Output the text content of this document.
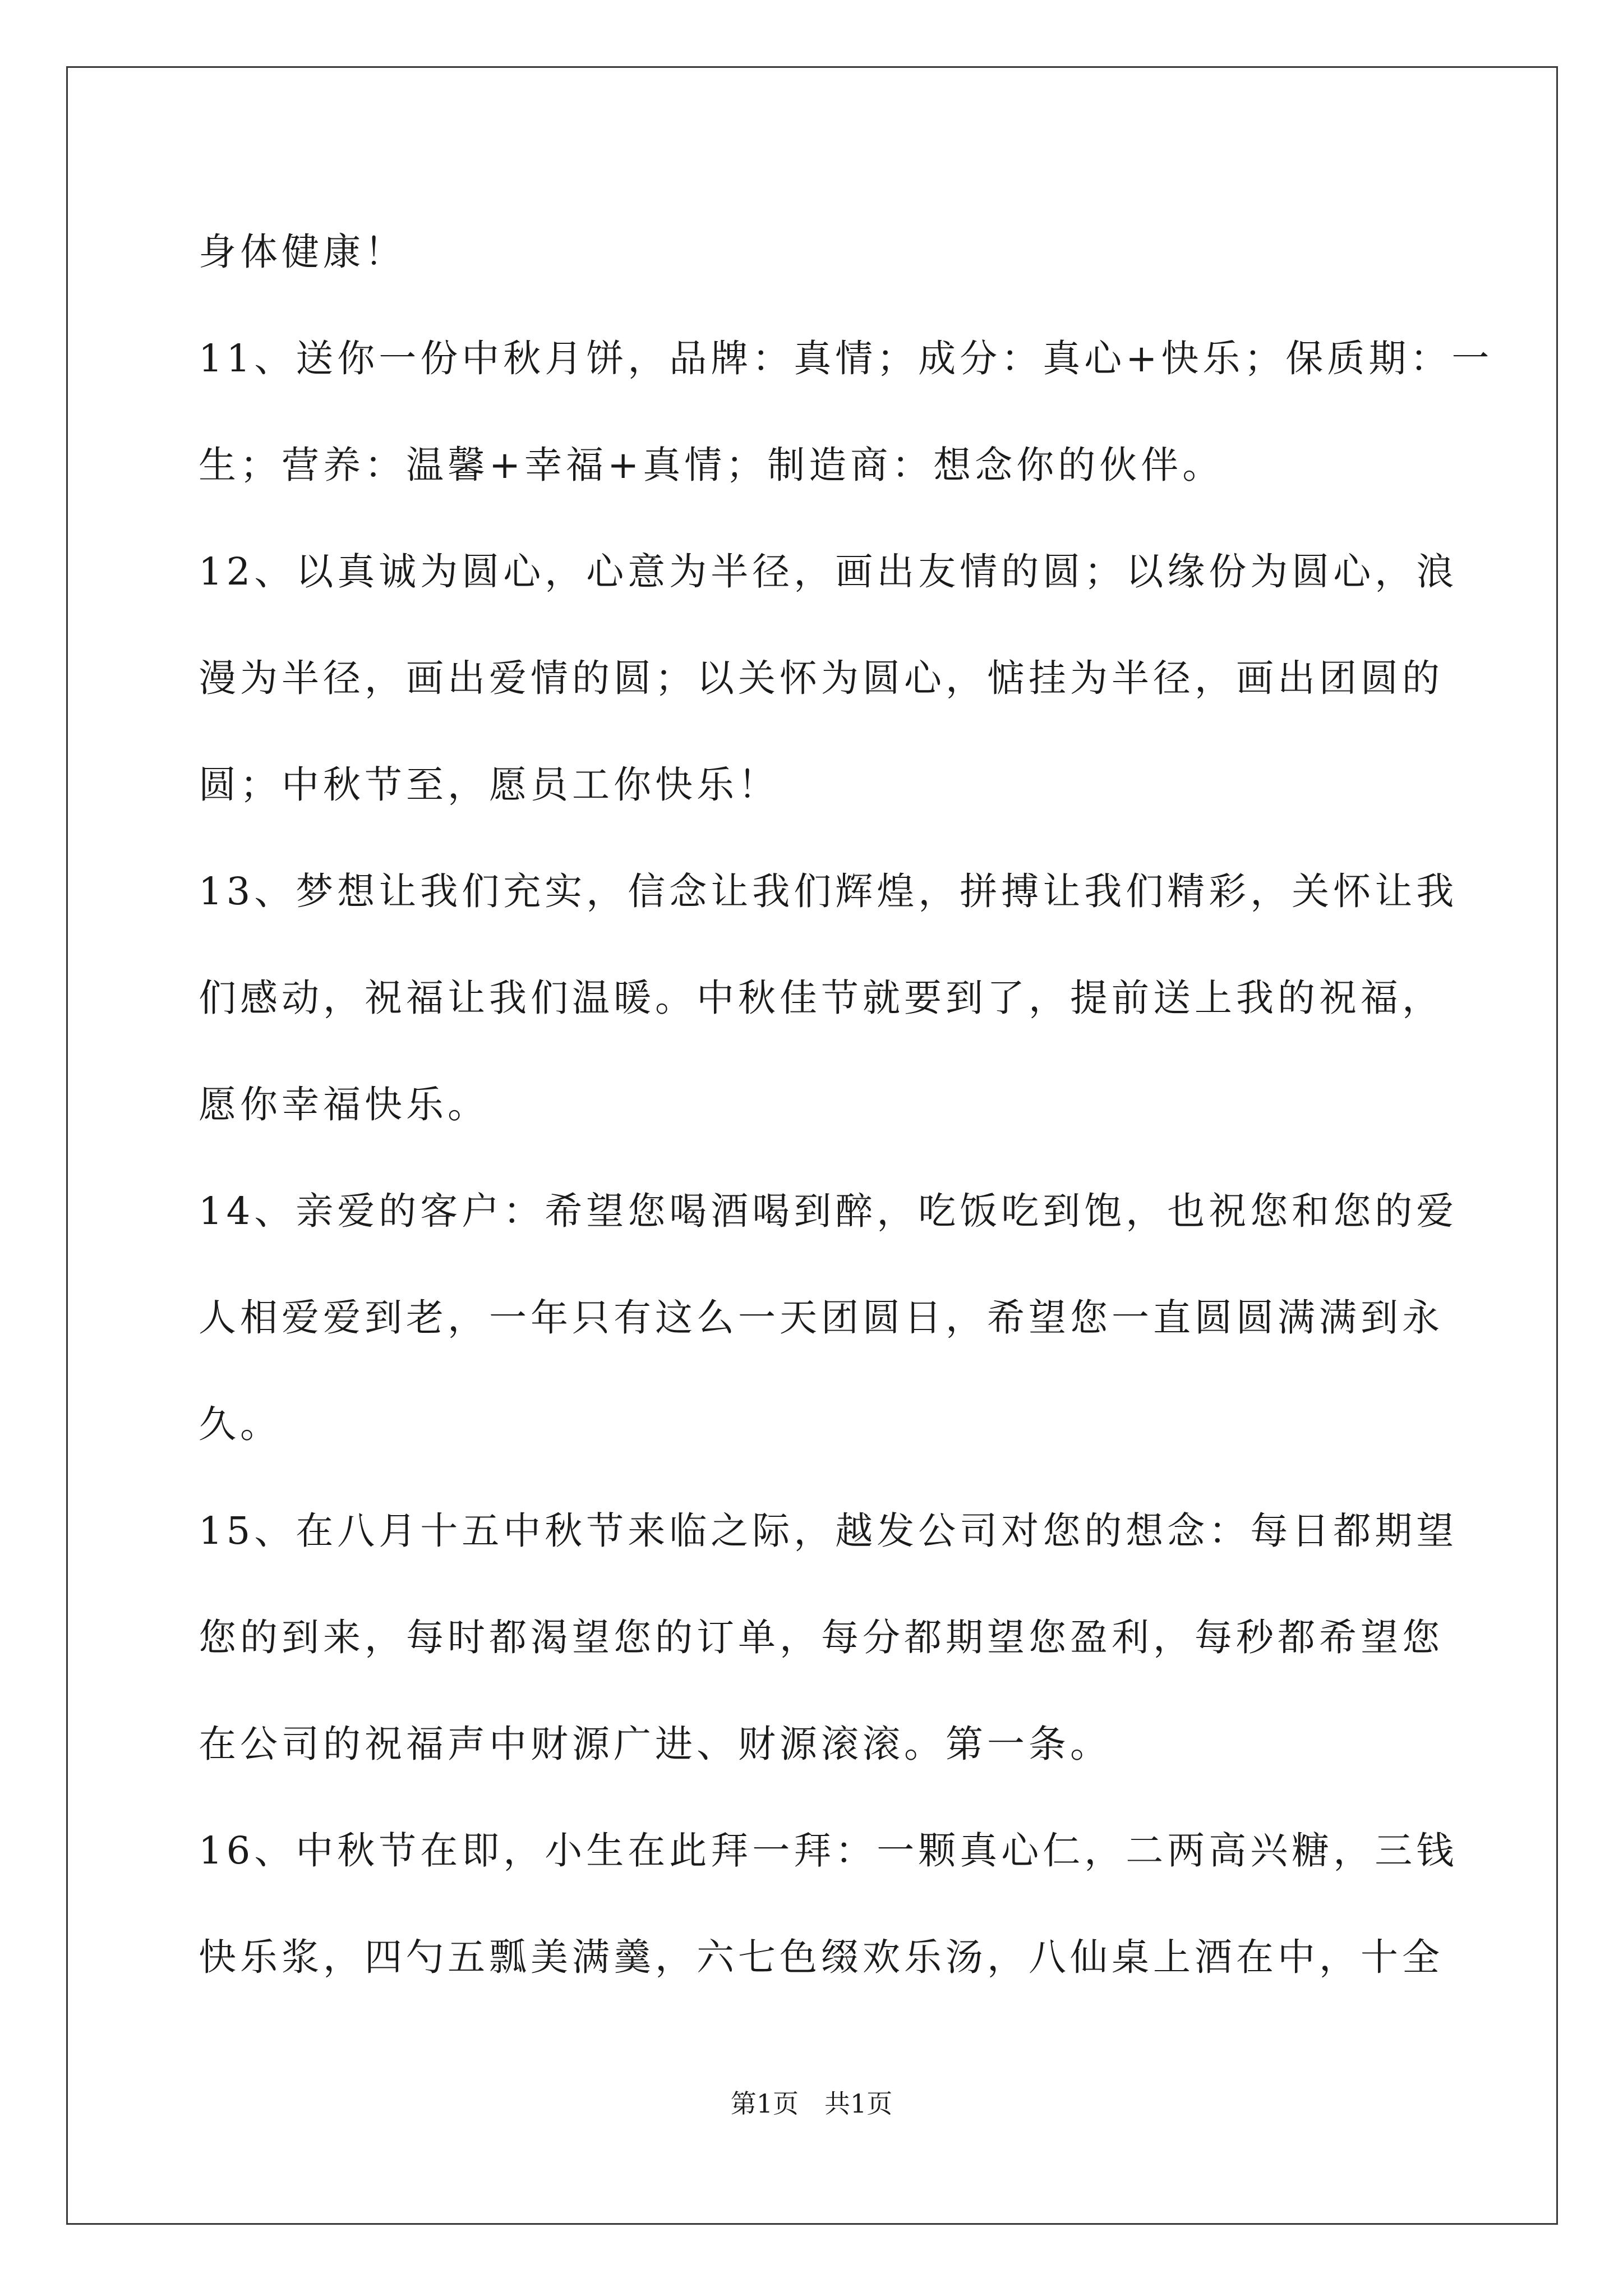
身体健康！

11、送你一份中秋月饼，品牌：真情；成分：真心+快乐；保质期：一

生；营养：温馨+幸福+真情；制造商：想念你的伙伴。

12、以真诚为圆心，心意为半径，画出友情的圆；以缘份为圆心，浪

漫为半径，画出爱情的圆；以关怀为圆心，惦挂为半径，画出团圆的

圆；中秋节至，愿员工你快乐！

13、梦想让我们充实，信念让我们辉煌，拼搏让我们精彩，关怀让我

们感动，祝福让我们温暖。中秋佳节就要到了，提前送上我的祝福，

愿你幸福快乐。

14、亲爱的客户：希望您喝酒喝到醉，吃饭吃到饱，也祝您和您的爱

人相爱爱到老，一年只有这么一天团圆日，希望您一直圆圆满满到永

久。

15、在八月十五中秋节来临之际，越发公司对您的想念：每日都期望

您的到来，每时都渴望您的订单，每分都期望您盈利，每秒都希望您

在公司的祝福声中财源广进、财源滚滚。第一条。

16、中秋节在即，小生在此拜一拜：一颗真心仁，二两高兴糖，三钱

快乐浆，四勺五瓢美满羹，六七色缀欢乐汤，八仙桌上酒在中，十全

第1页　共1页
